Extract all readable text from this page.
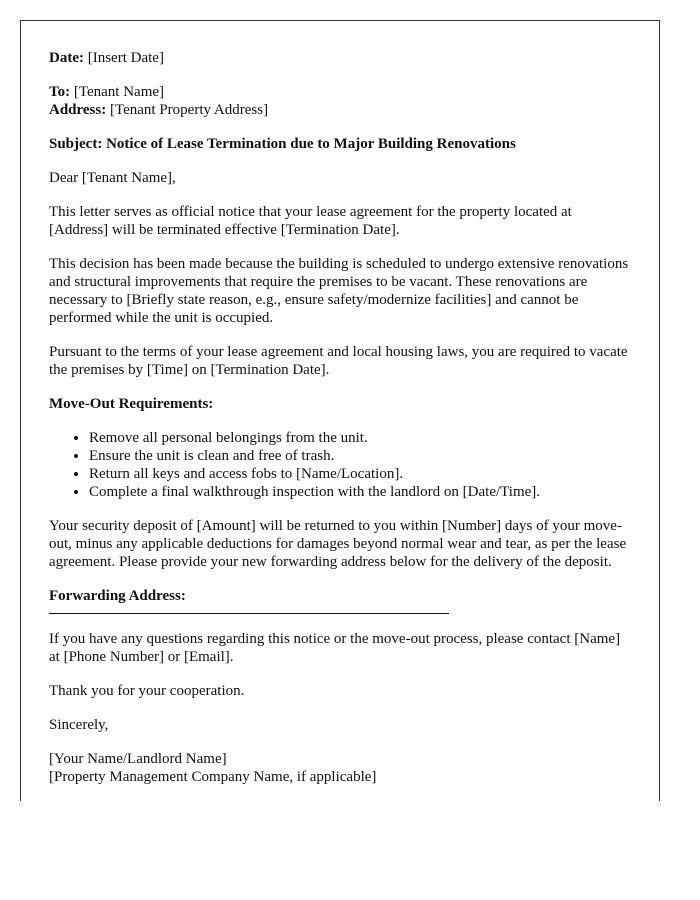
Date: [Insert Date]

To: [Tenant Name]
Address: [Tenant Property Address]

Subject: Notice of Lease Termination due to Major Building Renovations

Dear [Tenant Name],

This letter serves as official notice that your lease agreement for the property located at [Address] will be terminated effective [Termination Date].

This decision has been made because the building is scheduled to undergo extensive renovations and structural improvements that require the premises to be vacant. These renovations are necessary to [Briefly state reason, e.g., ensure safety/modernize facilities] and cannot be performed while the unit is occupied.

Pursuant to the terms of your lease agreement and local housing laws, you are required to vacate the premises by [Time] on [Termination Date].

Move-Out Requirements:

• Remove all personal belongings from the unit.
• Ensure the unit is clean and free of trash.
• Return all keys and access fobs to [Name/Location].
• Complete a final walkthrough inspection with the landlord on [Date/Time].

Your security deposit of [Amount] will be returned to you within [Number] days of your move-out, minus any applicable deductions for damages beyond normal wear and tear, as per the lease agreement. Please provide your new forwarding address below for the delivery of the deposit.

Forwarding Address:

If you have any questions regarding this notice or the move-out process, please contact [Name] at [Phone Number] or [Email].

Thank you for your cooperation.

Sincerely,

[Your Name/Landlord Name]
[Property Management Company Name, if applicable]
